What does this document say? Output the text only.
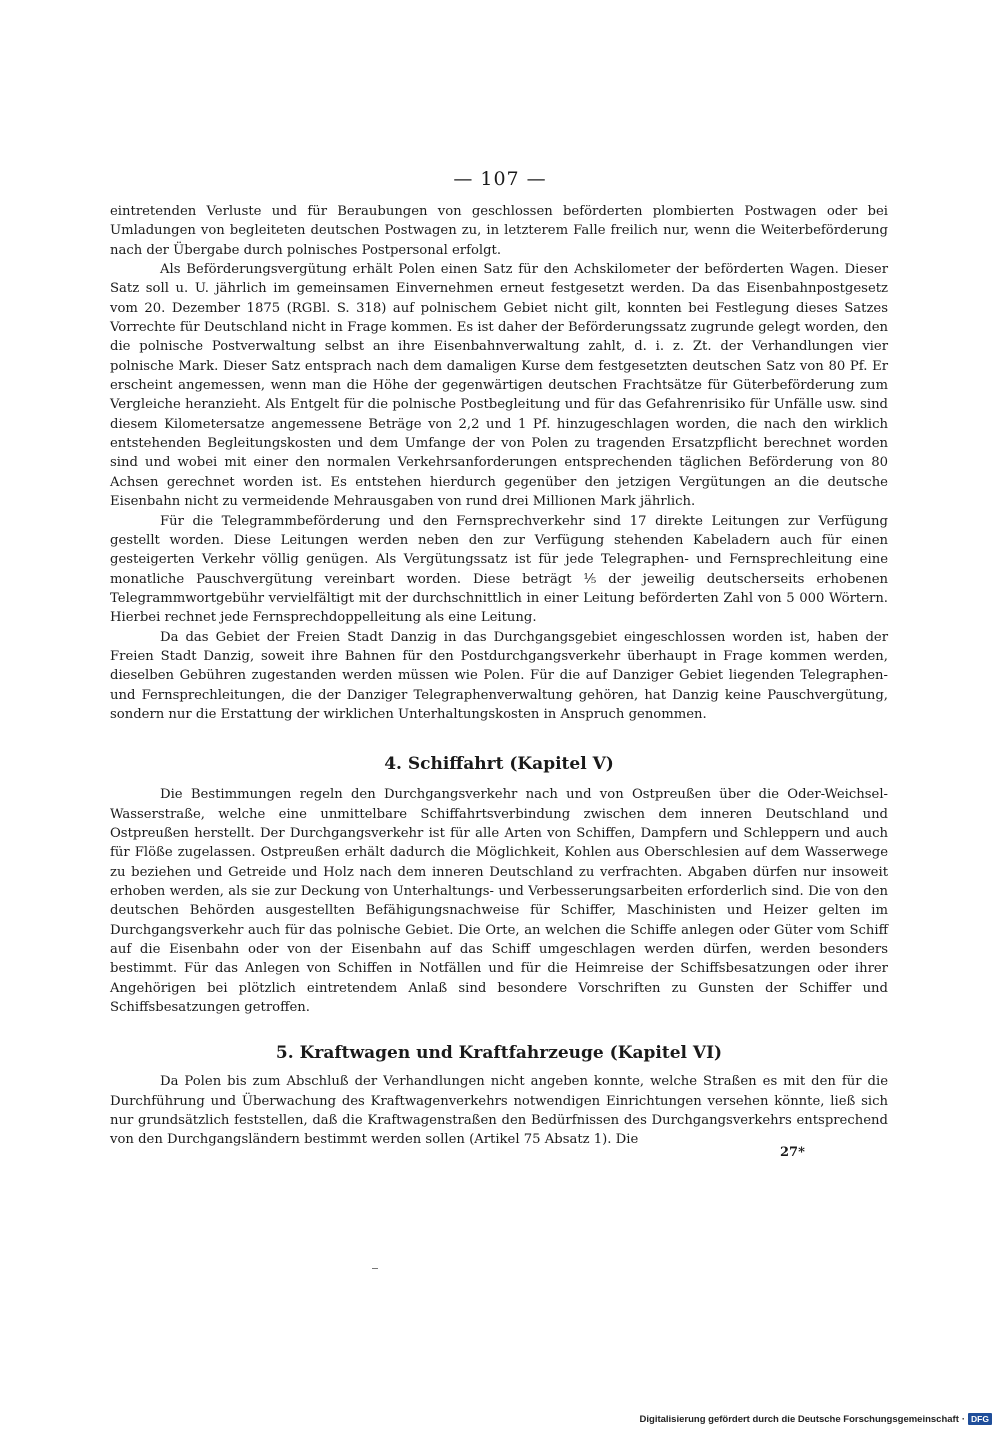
— 107 —

eintretenden Verluste und für Beraubungen von geschlossen beförderten plombierten Postwagen oder bei Umladungen von begleiteten deutschen Postwagen zu, in letzterem Falle freilich nur, wenn die Weiterbeförderung nach der Übergabe durch polnisches Postpersonal erfolgt.

Als Beförderungsvergütung erhält Polen einen Satz für den Achskilometer der beförderten Wagen. Dieser Satz soll u. U. jährlich im gemeinsamen Einvernehmen erneut festgesetzt werden. Da das Eisenbahnpostgesetz vom 20. Dezember 1875 (RGBl. S. 318) auf polnischem Gebiet nicht gilt, konnten bei Festlegung dieses Satzes Vorrechte für Deutschland nicht in Frage kommen. Es ist daher der Beförderungssatz zugrunde gelegt worden, den die polnische Postverwaltung selbst an ihre Eisenbahnverwaltung zahlt, d. i. z. Zt. der Verhandlungen vier polnische Mark. Dieser Satz entsprach nach dem damaligen Kurse dem festgesetzten deutschen Satz von 80 Pf. Er erscheint angemessen, wenn man die Höhe der gegenwärtigen deutschen Frachtsätze für Güterbeförderung zum Vergleiche heranzieht. Als Entgelt für die polnische Postbegleitung und für das Gefahrenrisiko für Unfälle usw. sind diesem Kilometersatze angemessene Beträge von 2,2 und 1 Pf. hinzugeschlagen worden, die nach den wirklich entstehenden Begleitungskosten und dem Umfange der von Polen zu tragenden Ersatzpflicht berechnet worden sind und wobei mit einer den normalen Verkehrsanforderungen entsprechenden täglichen Beförderung von 80 Achsen gerechnet worden ist. Es entstehen hierdurch gegenüber den jetzigen Vergütungen an die deutsche Eisenbahn nicht zu vermeidende Mehrausgaben von rund drei Millionen Mark jährlich.

Für die Telegrammbeförderung und den Fernsprechverkehr sind 17 direkte Leitungen zur Verfügung gestellt worden. Diese Leitungen werden neben den zur Verfügung stehenden Kabeladern auch für einen gesteigerten Verkehr völlig genügen. Als Vergütungssatz ist für jede Telegraphen- und Fernsprechleitung eine monatliche Pauschvergütung vereinbart worden. Diese beträgt ⅕ der jeweilig deutscherseits erhobenen Telegrammwortgebühr vervielfältigt mit der durchschnittlich in einer Leitung beförderten Zahl von 5 000 Wörtern. Hierbei rechnet jede Fernsprechdoppelleitung als eine Leitung.

Da das Gebiet der Freien Stadt Danzig in das Durchgangsgebiet eingeschlossen worden ist, haben der Freien Stadt Danzig, soweit ihre Bahnen für den Postdurchgangsverkehr überhaupt in Frage kommen werden, dieselben Gebühren zugestanden werden müssen wie Polen. Für die auf Danziger Gebiet liegenden Telegraphen- und Fernsprechleitungen, die der Danziger Telegraphenverwaltung gehören, hat Danzig keine Pauschvergütung, sondern nur die Erstattung der wirklichen Unterhaltungskosten in Anspruch genommen.

4. Schiffahrt (Kapitel V)

Die Bestimmungen regeln den Durchgangsverkehr nach und von Ostpreußen über die Oder-Weichsel-Wasserstraße, welche eine unmittelbare Schiffahrtsverbindung zwischen dem inneren Deutschland und Ostpreußen herstellt. Der Durchgangsverkehr ist für alle Arten von Schiffen, Dampfern und Schleppern und auch für Flöße zugelassen. Ostpreußen erhält dadurch die Möglichkeit, Kohlen aus Oberschlesien auf dem Wasserwege zu beziehen und Getreide und Holz nach dem inneren Deutschland zu verfrachten. Abgaben dürfen nur insoweit erhoben werden, als sie zur Deckung von Unterhaltungs- und Verbesserungsarbeiten erforderlich sind. Die von den deutschen Behörden ausgestellten Befähigungsnachweise für Schiffer, Maschinisten und Heizer gelten im Durchgangsverkehr auch für das polnische Gebiet. Die Orte, an welchen die Schiffe anlegen oder Güter vom Schiff auf die Eisenbahn oder von der Eisenbahn auf das Schiff umgeschlagen werden dürfen, werden besonders bestimmt. Für das Anlegen von Schiffen in Notfällen und für die Heimreise der Schiffsbesatzungen oder ihrer Angehörigen bei plötzlich eintretendem Anlaß sind besondere Vorschriften zu Gunsten der Schiffer und Schiffsbesatzungen getroffen.

5. Kraftwagen und Kraftfahrzeuge (Kapitel VI)

Da Polen bis zum Abschluß der Verhandlungen nicht angeben konnte, welche Straßen es mit den für die Durchführung und Überwachung des Kraftwagenverkehrs notwendigen Einrichtungen versehen könnte, ließ sich nur grundsätzlich feststellen, daß die Kraftwagenstraßen den Bedürfnissen des Durchgangsverkehrs entsprechend von den Durchgangsländern bestimmt werden sollen (Artikel 75 Absatz 1). Die

27*
Digitalisierung gefördert durch die Deutsche Forschungsgemeinschaft · DFG
